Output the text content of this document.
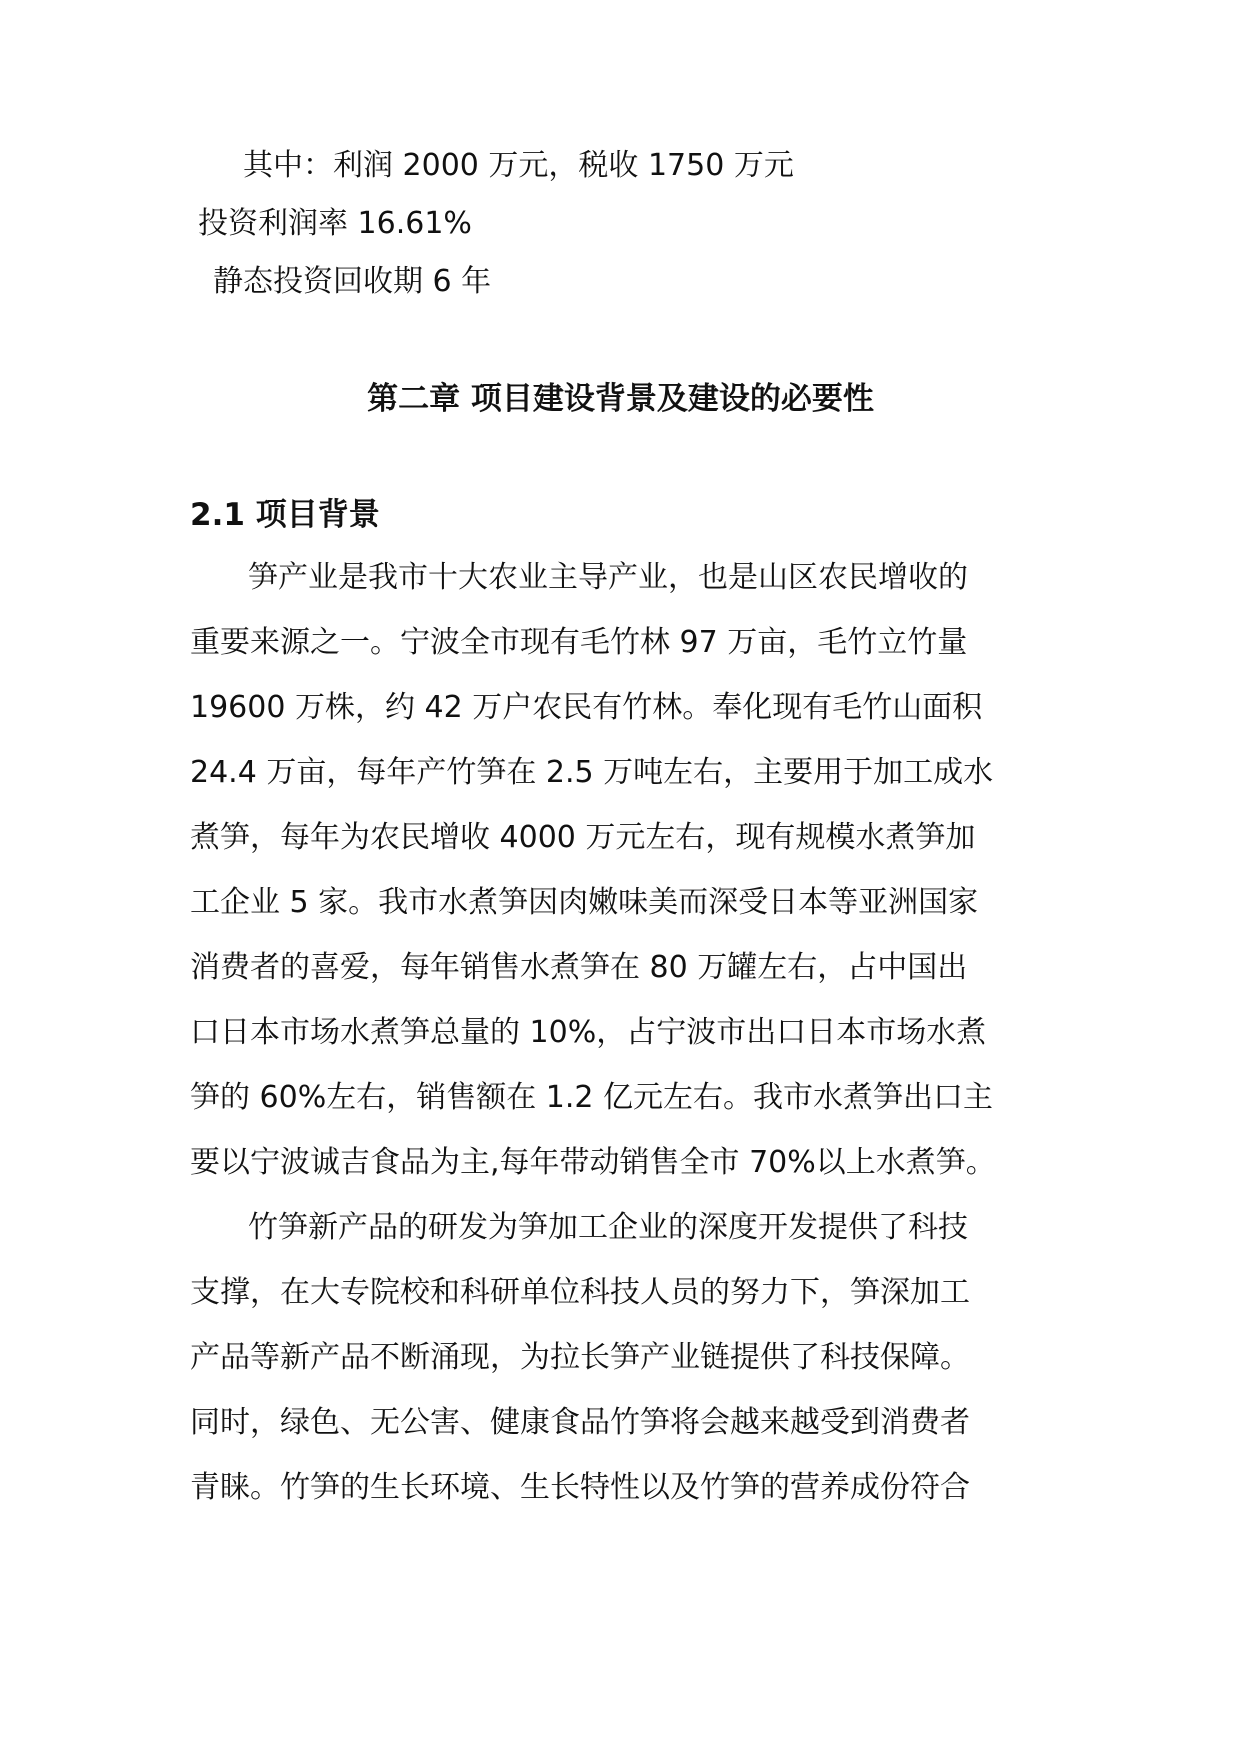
其中：利润 2000 万元，税收 1750 万元
投资利润率 16.61%
静态投资回收期 6 年
第二章 项目建设背景及建设的必要性
2.1 项目背景
笋产业是我市十大农业主导产业，也是山区农民增收的
重要来源之一。宁波全市现有毛竹林 97 万亩，毛竹立竹量
19600 万株，约 42 万户农民有竹林。奉化现有毛竹山面积
24.4 万亩，每年产竹笋在 2.5 万吨左右，主要用于加工成水
煮笋，每年为农民增收 4000 万元左右，现有规模水煮笋加
工企业 5 家。我市水煮笋因肉嫩味美而深受日本等亚洲国家
消费者的喜爱，每年销售水煮笋在 80 万罐左右，占中国出
口日本市场水煮笋总量的 10%，占宁波市出口日本市场水煮
笋的 60%左右，销售额在 1.2 亿元左右。我市水煮笋出口主
要以宁波诚吉食品为主,每年带动销售全市 70%以上水煮笋。
竹笋新产品的研发为笋加工企业的深度开发提供了科技
支撑，在大专院校和科研单位科技人员的努力下，笋深加工
产品等新产品不断涌现，为拉长笋产业链提供了科技保障。
同时，绿色、无公害、健康食品竹笋将会越来越受到消费者
青睐。竹笋的生长环境、生长特性以及竹笋的营养成份符合
